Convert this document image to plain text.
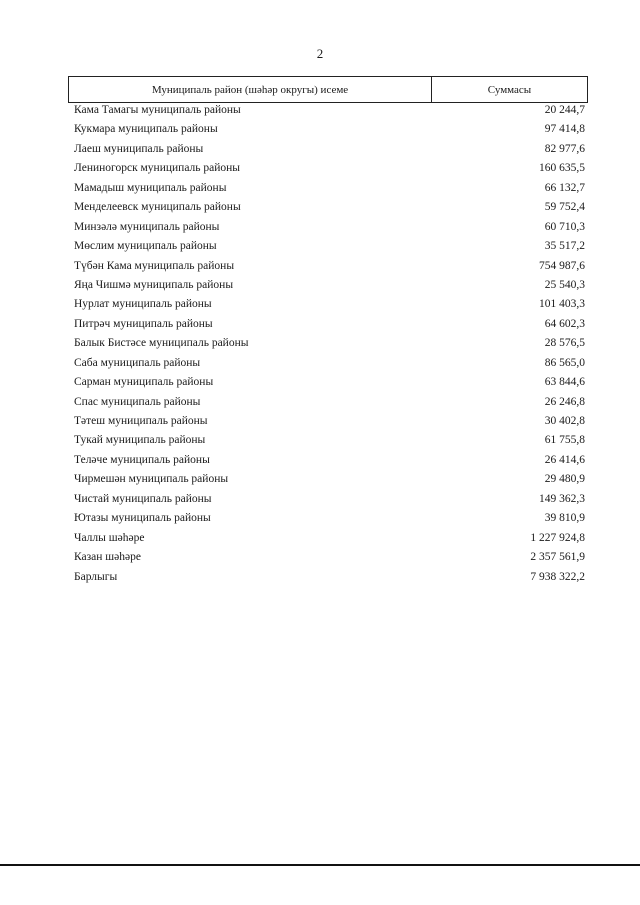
2
Муниципаль район (шәһәр округы) исеме	Суммасы
Кама Тамагы муниципаль районы	20 244,7
Кукмара муниципаль районы	97 414,8
Лаеш муниципаль районы	82 977,6
Лениногорск муниципаль районы	160 635,5
Мамадыш муниципаль районы	66 132,7
Менделеевск муниципаль районы	59 752,4
Минзәлә муниципаль районы	60 710,3
Мөслим муниципаль районы	35 517,2
Түбән Кама муниципаль районы	754 987,6
Яңа Чишмә муниципаль районы	25 540,3
Нурлат муниципаль районы	101 403,3
Питрәч муниципаль районы	64 602,3
Балык Бистәсе муниципаль районы	28 576,5
Саба муниципаль районы	86 565,0
Сарман муниципаль районы	63 844,6
Спас муниципаль районы	26 246,8
Тәтеш муниципаль районы	30 402,8
Тукай муниципаль районы	61 755,8
Теләче муниципаль районы	26 414,6
Чирмешән муниципаль районы	29 480,9
Чистай муниципаль районы	149 362,3
Ютазы муниципаль районы	39 810,9
Чаллы шәһәре	1 227 924,8
Казан шәһәре	2 357 561,9
Барлыгы	7 938 322,2
